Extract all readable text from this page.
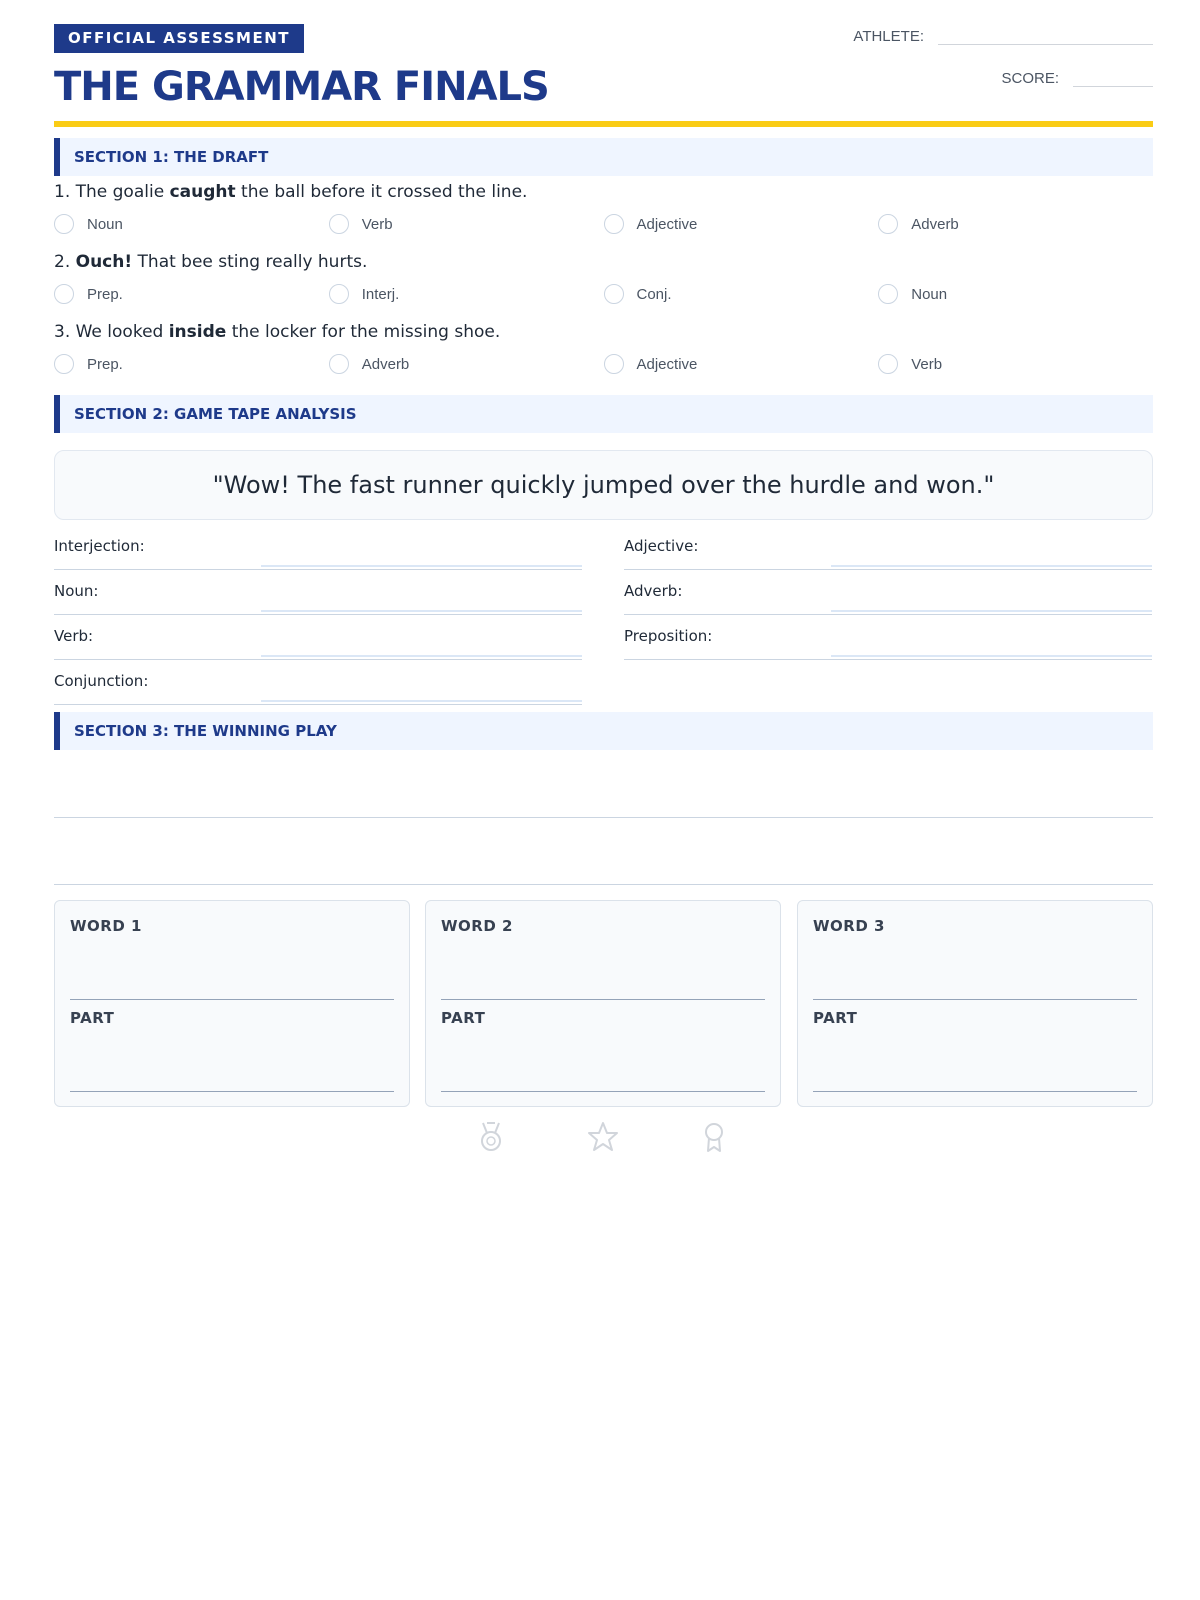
OFFICIAL ASSESSMENT
THE GRAMMAR FINALS
ATHLETE:
SCORE:
SECTION 1: THE DRAFT
1. The goalie caught the ball before it crossed the line.
Noun	Verb	Adjective	Adverb
2. Ouch! That bee sting really hurts.
Prep.	Interj.	Conj.	Noun
3. We looked inside the locker for the missing shoe.
Prep.	Adverb	Adjective	Verb
SECTION 2: GAME TAPE ANALYSIS
"Wow! The fast runner quickly jumped over the hurdle and won."
Interjection:
Noun:
Verb:
Conjunction:
Adjective:
Adverb:
Preposition:
SECTION 3: THE WINNING PLAY
WORD 1
PART
WORD 2
PART
WORD 3
PART
